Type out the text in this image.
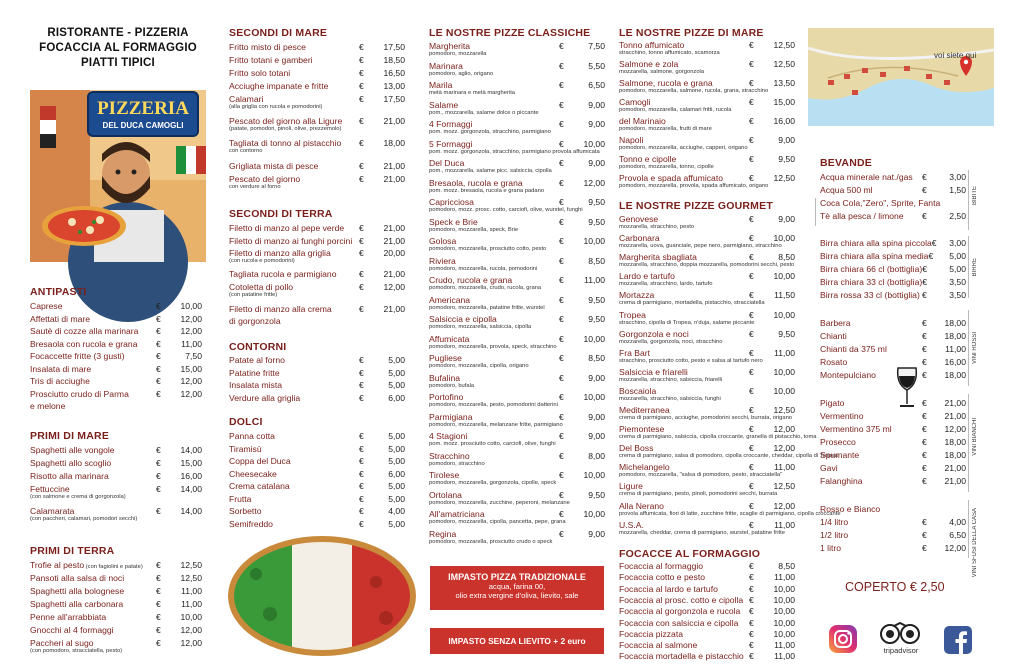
RISTORANTE - PIZZERIA
FOCACCIA AL FORMAGGIO
PIATTI TIPICI
PIZZERIA
DEL DUCA CAMOGLI
ANTIPASTI
Caprese	€	10,00
Affettati di mare	€	12,00
Sautè di cozze alla marinara	€	12,00
Bresaola con rucola e grana	€	11,00
Focaccette fritte (3 gusti)	€	7,50
Insalata di mare	€	15,00
Tris di acciughe	€	12,00
Prosciutto crudo di Parma	€	12,00
e melone
PRIMI DI MARE
Spaghetti alle vongole	€	14,00
Spaghetti allo scoglio	€	15,00
Risotto alla marinara	€	16,00
Fettuccine	€	14,00
(con salmone e crema di gorgonzola)
Calamarata	€	14,00
(con paccheri, calamari, pomodori secchi)
PRIMI DI TERRA
Trofie al pesto (con fagiolini e patate)	€	12,50
Pansoti alla salsa di noci	€	12,50
Spaghetti alla bolognese	€	11,00
Spaghetti alla carbonara	€	11,00
Penne all'arrabbiata	€	10,00
Gnocchi al 4 formaggi	€	12,00
Paccheri al sugo	€	12,00
(con pomodoro, stracciatella, pesto)
SECONDI DI MARE
Fritto misto di pesce	€	17,50
Fritto totani e gamberi	€	18,50
Fritto solo totani	€	16,50
Acciughe impanate e fritte	€	13,00
Calamari	€	17,50
(alla griglia con rucola e pomodorini)
Pescato del giorno alla Ligure	€	21,00
(patate, pomodori, pinoli, olive, prezzemolo)
Tagliata di tonno al pistacchio	€	18,00
con contorno
Grigliata mista di pesce	€	21,00
Pescato del giorno	€	21,00
con verdure al forno
SECONDI DI TERRA
Filetto di manzo al pepe verde	€	21,00
Filetto di manzo ai funghi porcini €	21,00
Filetto di manzo alla griglia	€	20,00
(con rucola e pomodorini)
Tagliata rucola e parmigiano	€	21,00
Cotoletta di pollo	€	12,00
(con patatine fritte)
Filetto di manzo alla crema	€	21,00
di gorgonzola
CONTORNI
Patate al forno	€	5,00
Patatine fritte	€	5,00
Insalata mista	€	5,00
Verdure alla griglia	€	6,00
DOLCI
Panna cotta	€	5,00
Tiramisù	€	5,00
Coppa del Duca	€	5,00
Cheesecake	€	6,00
Crema catalana	€	5,00
Frutta	€	5,00
Sorbetto	€	4,00
Semifreddo	€	5,00
LE NOSTRE PIZZE CLASSICHE
Margherita	€	7,50
pomodoro, mozzarella
Marinara	€	5,50
pomodoro, aglio, origano
Marila	€	6,50
metà marinara e metà margherita
Salame	€	9,00
pom., mozzarella, salame dolce o piccante
4 Formaggi	€	9,00
pom. mozz. gorgonzola, stracchino, parmigiano
5 Formaggi	€	10,00
pom. mozz. gorgonzola, stracchino, parmigiano provola affumicata
Del Duca	€	9,00
pom., mozzarella, salame picc. salsiccia, cipolla
Bresaola, rucola e grana	€	12,00
pom. mozz. bresaola, rucola e grana padano
Capricciosa	€	9,50
pomodoro, mozz. prosc. cotto, carciofi, olive, wurstel, funghi
Speck e Brie	€	9,50
pomodoro, mozzarella, speck, Brie
Golosa	€	10,00
pomodoro, mozzarella, prosciutto cotto, pesto
Riviera	€	8,50
pomodoro, mozzarella, rucola, pomodorini
Crudo, rucola e grana	€	11,00
pomodoro, mozzarella, crudo, rucola, grana
Americana	€	9,50
pomodoro, mozzarella, patatine fritte, wurstel
Salsiccia e cipolla	€	9,50
pomodoro, mozzarella, salsiccia, cipolla
Affumicata	€	10,00
pomodoro, mozzarella, provola, speck, stracchino
Pugliese	€	8,50
pomodoro, mozzarella, cipolla, origano
Bufalina	€	9,00
pomodoro, bufala
Portofino	€	10,00
pomodoro, mozzarella, pesto, pomodorini datterini
Parmigiana	€	9,00
pomodoro, mozzarella, melanzane fritte, parmigiano
4 Stagioni	€	9,00
pom. mozz. prosciutto cotto, carciofi, olive, funghi
Stracchino	€	8,00
pomodoro, stracchino
Tirolese	€	10,00
pomodoro, mozzarella, gorgonzola, cipolle, speck
Ortolana	€	9,50
pomodoro, mozzarella, zucchine, peperoni, melanzane
All'amatriciana	€	10,00
pomodoro, mozzarella, cipolla, pancetta, pepe, grana
Regina	€	9,00
pomodoro, mozzarella, prosciutto crudo o speck
IMPASTO PIZZA TRADIZIONALE
acqua, farina 00,
olio extra vergine d'oliva, lievito, sale
IMPASTO SENZA LIEVITO + 2 euro
LE NOSTRE PIZZE DI MARE
Tonno affumicato	€	12,50
stracchino, tonno affumicato, scamorza
Salmone e zola	€	12,50
mozzarella, salmone, gorgonzola
Salmone, rucola e grana	€	13,50
pomodoro, mozzarella, salmone, rucola, grana, stracchino
Camogli	€	15,00
pomodoro, mozzarella, calamari fritti, rucola
del Marinaio	€	16,00
pomodoro, mozzarella, frutti di mare
Napoli	€	9,00
pomodoro, mozzarella, acciughe, capperi, origano
Tonno e cipolle	€	9,50
pomodoro, mozzarella, tonno, cipolle
Provola e spada affumicato	€	12,50
pomodoro, mozzarella, provola, spada affumicato, origano
LE NOSTRE PIZZE GOURMET
Genovese	€	9,00
mozzarella, stracchino, pesto
Carbonara	€	10,00
mozzarella, uova, guanciale, pepe nero, parmigiano, stracchino
Margherita sbagliata	€	8,50
mozzarella, stracchino, doppia mozzarella, pomodorini secchi, pesto
Lardo e tartufo	€	10,00
mozzarella, stracchino, lardo, tartufo
Mortazza	€	11,50
crema di parmigiano, mortadella, pistacchio, stracciatella
Tropea	€	10,00
stracchino, cipolla di Tropea, n'duja, salame piccante
Gorgonzola e noci	€	9,50
mozzarella, gorgonzola, noci, stracchino
Fra Bart	€	11,00
stracchino, prosciutto cotto, pesto e salsa al tartufo nero
Salsiccia e friarelli	€	10,00
mozzarella, stracchino, salsiccia, friarelli
Boscaiola	€	10,00
mozzarella, stracchino, salsiccia, funghi
Mediterranea	€	12,50
crema di parmigiano, acciughe, pomodorini secchi, burrata, origano
Piemontese	€	12,00
crema di parmigiano, salsiccia, cipolla croccante, granella di pistacchio, toma
Del Boss	€	12,00
crema di parmigiano, salsa di pomodoro, cipolla croccante, cheddar, cipolla di Tropea
Michelangelo	€	11,00
pomodoro, mozzarella, "salsa di pomodoro, pesto, stracciatella"
Ligure	€	12,50
crema di parmigiano, pesto, pinoli, pomodorini secchi, burrata
Alla Nerano	€	12,00
provola affumicata, fiori di latte, zucchine fritte, scaglie di parmigiano, cipolla croccante
U.S.A.	€	11,00
mozzarella, cheddar, crema di parmigiano, wurstel, patatine fritte
FOCACCE AL FORMAGGIO
Focaccia al formaggio	€	8,50
Focaccia cotto e pesto	€	11,00
Focaccia al lardo e tartufo	€	10,00
Focaccia al prosc. cotto e cipolla €	10,00
Focaccia al gorgonzola e rucola	€	10,00
Focaccia con salsiccia e cipolla	€	10,00
Focaccia pizzata	€	10,00
Focaccia al salmone	€	11,00
Focaccia mortadella e pistacchio €	11,00
voi siete qui
BEVANDE
Acqua minerale nat./gas	€	3,00
Acqua 500 ml	€	1,50
Coca Cola,"Zero", Sprite, Fanta
Tè alla pesca / limone	€	2,50
BIBITE
Birra chiara alla spina piccola €	3,00
Birra chiara alla spina media €	5,00
Birra chiara 66 cl (bottiglia) €	5,00
Birra chiara 33 cl (bottiglia) €	3,50
Birra rossa 33 cl (bottiglia) €	3,50
BIRRE
Barbera	€	18,00
Chianti	€	18,00
Chianti da 375 ml	€	11,00
Rosato	€	16,00
Montepulciano	€	18,00
VINI ROSSI
Pigato	€	21,00
Vermentino	€	21,00
Vermentino 375 ml	€	12,00
Prosecco	€	18,00
Spumante	€	18,00
Gavi	€	21,00
Falanghina	€	21,00
VINI BIANCHI
Rosso e Bianco
1/4 litro	€	4,00
1/2 litro	€	6,50
1 litro	€	12,00 VINI SFUSI DELLA CASA
COPERTO € 2,50
tripadvisor
